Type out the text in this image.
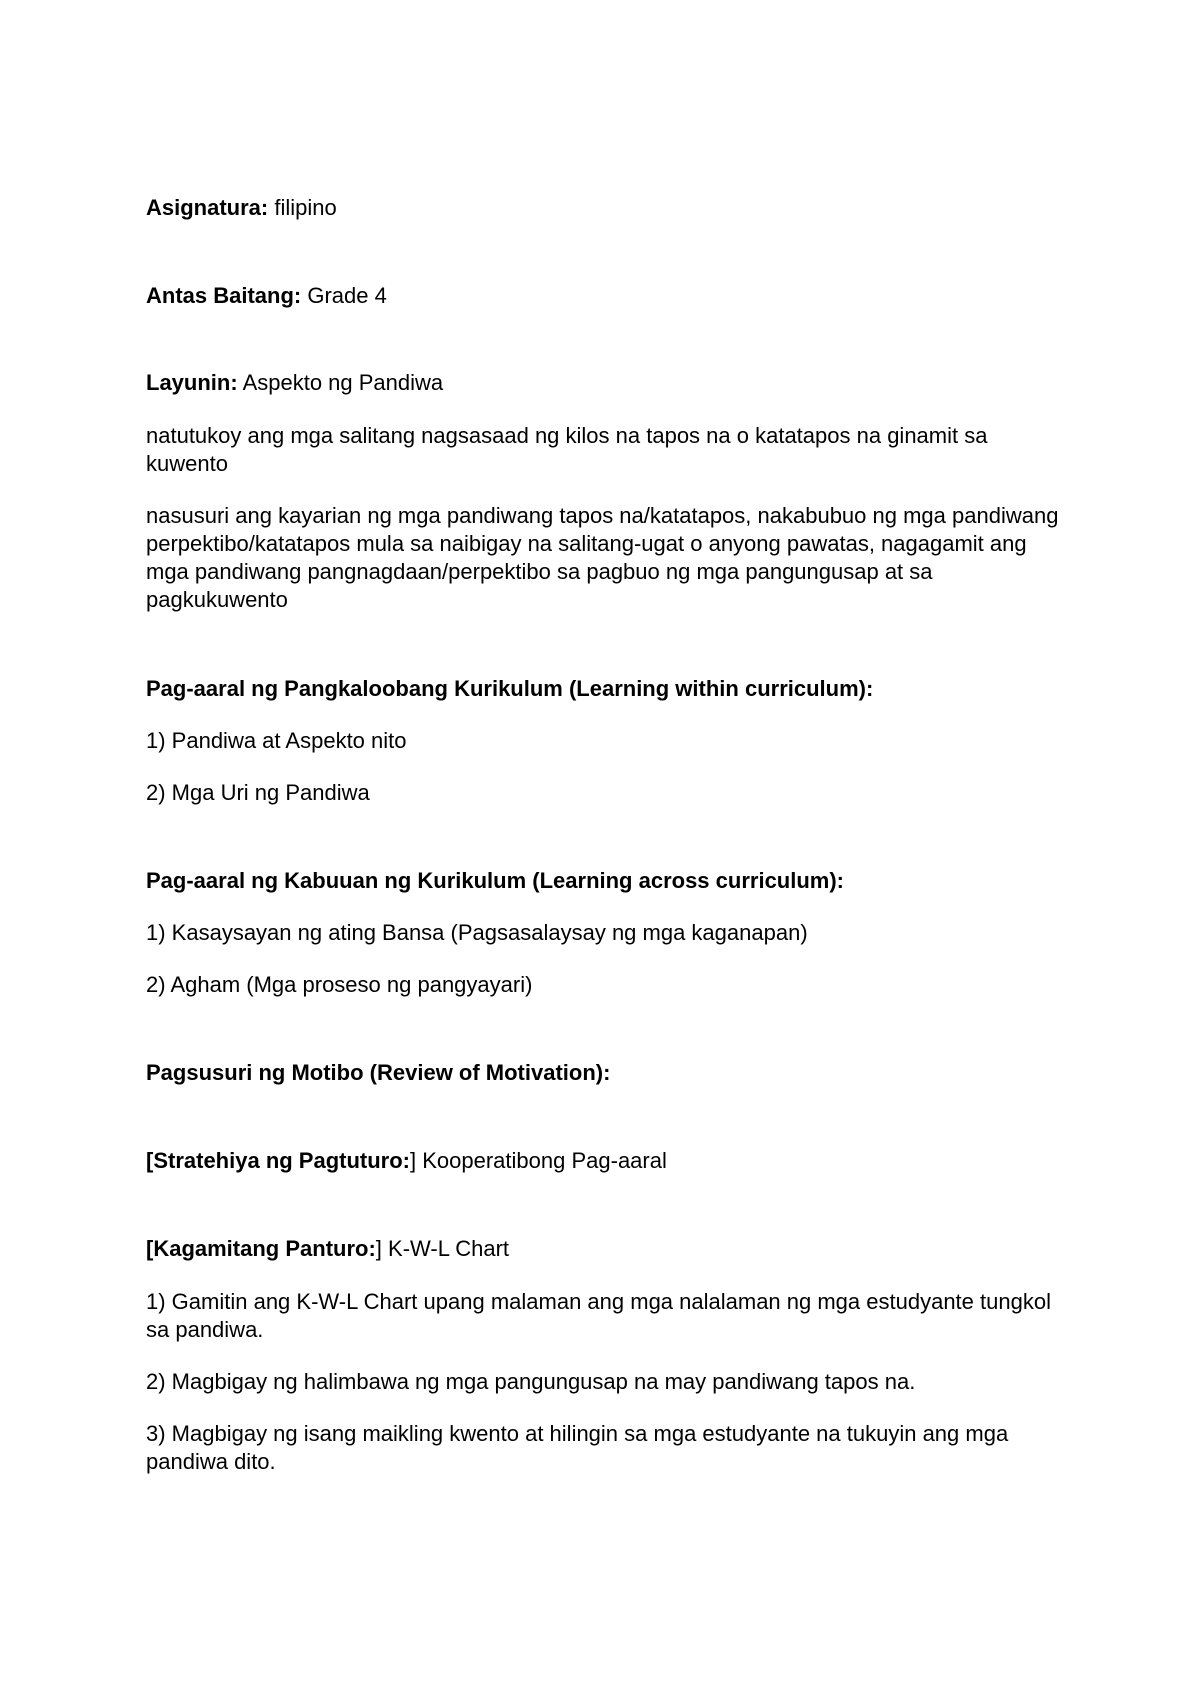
Asignatura: filipino

Antas Baitang: Grade 4

Layunin: Aspekto ng Pandiwa

natutukoy ang mga salitang nagsasaad ng kilos na tapos na o katatapos na ginamit sa kuwento

nasusuri ang kayarian ng mga pandiwang tapos na/katatapos, nakabubuo ng mga pandiwang perpektibo/katatapos mula sa naibigay na salitang-ugat o anyong pawatas, nagagamit ang mga pandiwang pangnagdaan/perpektibo sa pagbuo ng mga pangungusap at sa pagkukuwento

Pag-aaral ng Pangkaloobang Kurikulum (Learning within curriculum):

1) Pandiwa at Aspekto nito

2) Mga Uri ng Pandiwa

Pag-aaral ng Kabuuan ng Kurikulum (Learning across curriculum):

1) Kasaysayan ng ating Bansa (Pagsasalaysay ng mga kaganapan)

2) Agham (Mga proseso ng pangyayari)

Pagsusuri ng Motibo (Review of Motivation):

[Stratehiya ng Pagtuturo:] Kooperatibong Pag-aaral

[Kagamitang Panturo:] K-W-L Chart

1) Gamitin ang K-W-L Chart upang malaman ang mga nalalaman ng mga estudyante tungkol sa pandiwa.

2) Magbigay ng halimbawa ng mga pangungusap na may pandiwang tapos na.

3) Magbigay ng isang maikling kwento at hilingin sa mga estudyante na tukuyin ang mga pandiwa dito.
